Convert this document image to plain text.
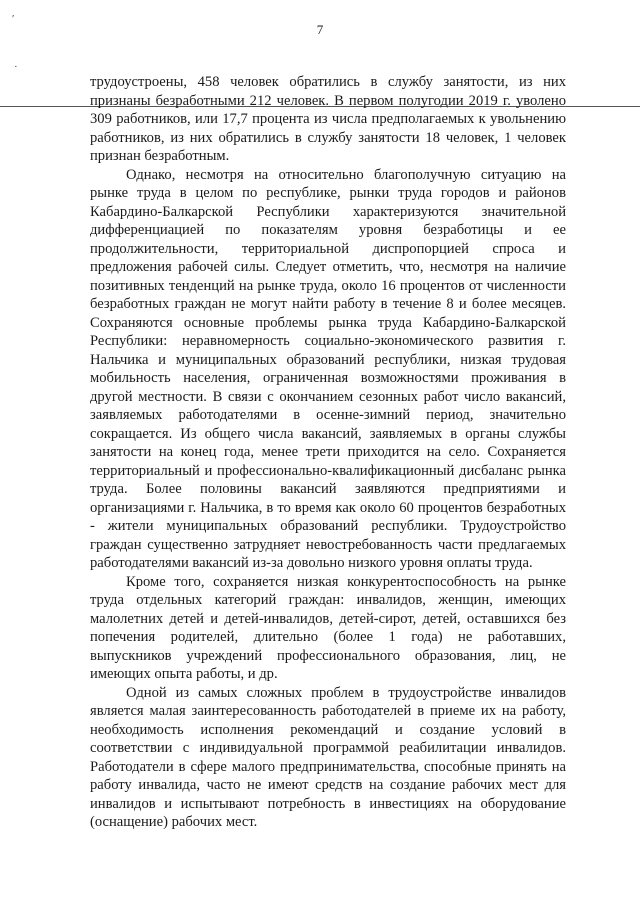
7
′
·

трудоустроены, 458 человек обратились в службу занятости, из них признаны безработными 212 человек. В первом полугодии 2019 г. уволено 309 работников, или 17,7 процента из числа предполагаемых к увольнению работников, из них обратились в службу занятости 18 человек, 1 человек признан безработным.

Однако, несмотря на относительно благополучную ситуацию на рынке труда в целом по республике, рынки труда городов и районов Кабардино-Балкарской Республики характеризуются значительной дифференциацией по показателям уровня безработицы и ее продолжительности, территориальной диспропорцией спроса и предложения рабочей силы. Следует отметить, что, несмотря на наличие позитивных тенденций на рынке труда, около 16 процентов от численности безработных граждан не могут найти работу в течение 8 и более месяцев. Сохраняются основные проблемы рынка труда Кабардино-Балкарской Республики: неравномерность социально-экономического развития г. Нальчика и муниципальных образований республики, низкая трудовая мобильность населения, ограниченная возможностями проживания в другой местности. В связи с окончанием сезонных работ число вакансий, заявляемых работодателями в осенне-зимний период, значительно сокращается. Из общего числа вакансий, заявляемых в органы службы занятости на конец года, менее трети приходится на село. Сохраняется территориальный и профессионально-квалификационный дисбаланс рынка труда. Более половины вакансий заявляются предприятиями и организациями г. Нальчика, в то время как около 60 процентов безработных - жители муниципальных образований республики. Трудоустройство граждан существенно затрудняет невостребованность части предлагаемых работодателями вакансий из-за довольно низкого уровня оплаты труда.

Кроме того, сохраняется низкая конкурентоспособность на рынке труда отдельных категорий граждан: инвалидов, женщин, имеющих малолетних детей и детей-инвалидов, детей-сирот, детей, оставшихся без попечения родителей, длительно (более 1 года) не работавших, выпускников учреждений профессионального образования, лиц, не имеющих опыта работы, и др.

Одной из самых сложных проблем в трудоустройстве инвалидов является малая заинтересованность работодателей в приеме их на работу, необходимость исполнения рекомендаций и создание условий в соответствии с индивидуальной программой реабилитации инвалидов. Работодатели в сфере малого предпринимательства, способные принять на работу инвалида, часто не имеют средств на создание рабочих мест для инвалидов и испытывают потребность в инвестициях на оборудование (оснащение) рабочих мест.
